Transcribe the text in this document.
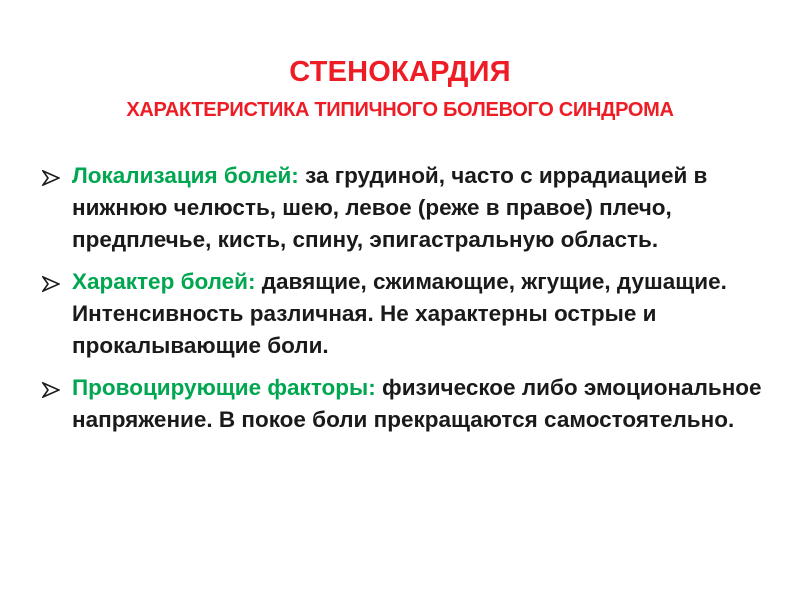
СТЕНОКАРДИЯ
ХАРАКТЕРИСТИКА ТИПИЧНОГО БОЛЕВОГО СИНДРОМА
Локализация болей: за грудиной, часто с иррадиацией в нижнюю челюсть, шею, левое (реже в правое) плечо, предплечье, кисть, спину, эпигастральную область.
Характер болей: давящие, сжимающие, жгущие, душащие. Интенсивность различная. Не характерны острые и прокалывающие боли.
Провоцирующие факторы: физическое либо эмоциональное напряжение. В покое боли прекращаются самостоятельно.
